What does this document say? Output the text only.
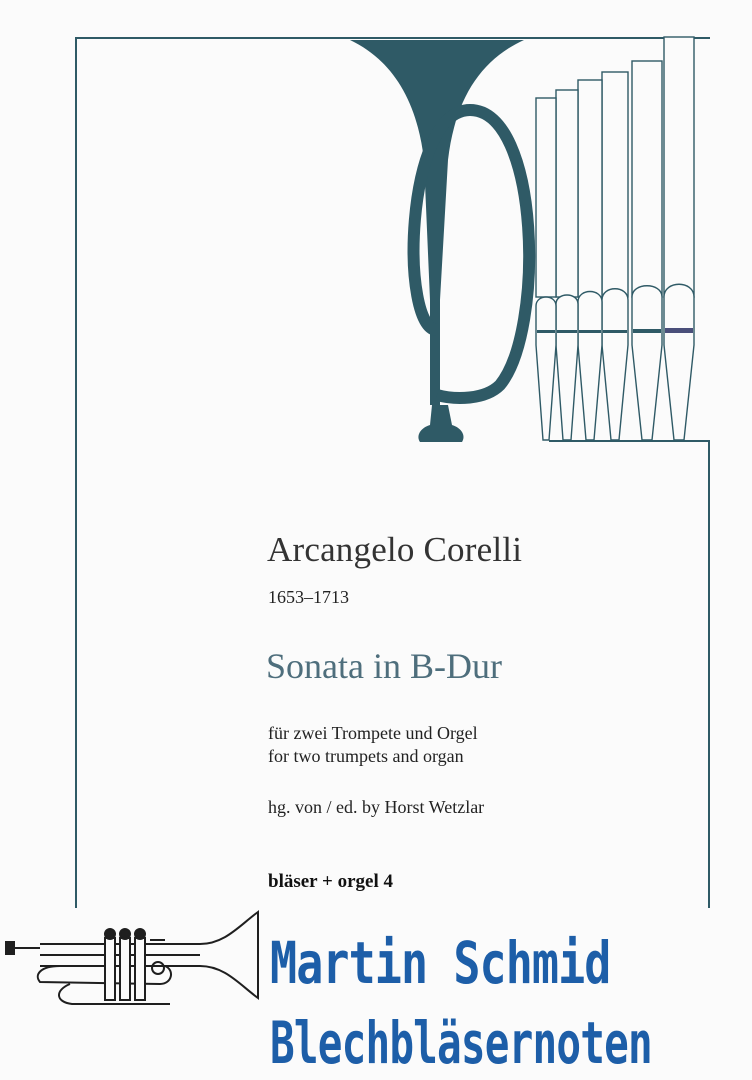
Arcangelo Corelli
1653–1713
Sonata in B-Dur
für zwei Trompete und Orgel
for two trumpets and organ
hg. von / ed. by Horst Wetzlar
bläser + orgel 4
Martin Schmid
Blechbläsernoten
